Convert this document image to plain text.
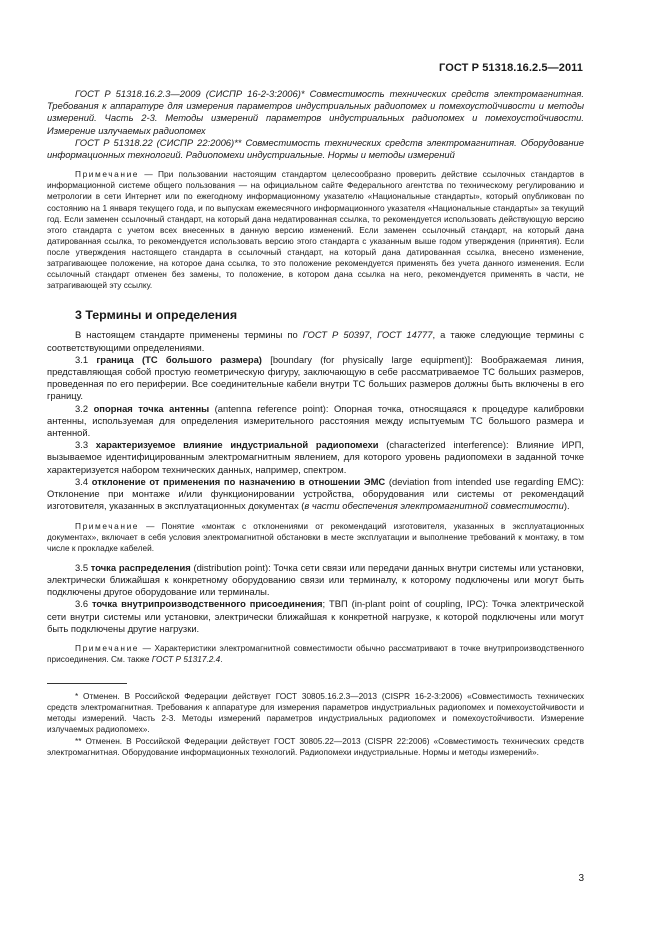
ГОСТ Р 51318.16.2.5—2011

ГОСТ Р 51318.16.2.3—2009 (СИСПР 16-2-3:2006)* Совместимость технических средств электромагнитная. Требования к аппаратуре для измерения параметров индустриальных радиопомех и помехоустойчивости и методы измерений. Часть 2-3. Методы измерений параметров индустриальных радиопомех и помехоустойчивости. Измерение излучаемых радиопомех

ГОСТ Р 51318.22 (СИСПР 22:2006)** Совместимость технических средств электромагнитная. Оборудование информационных технологий. Радиопомехи индустриальные. Нормы и методы измерений

Примечание — При пользовании настоящим стандартом целесообразно проверить действие ссылочных стандартов в информационной системе общего пользования — на официальном сайте Федерального агентства по техническому регулированию и метрологии в сети Интернет или по ежегодному информационному указателю «Национальные стандарты», который опубликован по состоянию на 1 января текущего года, и по выпускам ежемесячного информационного указателя «Национальные стандарты» за текущий год. Если заменен ссылочный стандарт, на который дана недатированная ссылка, то рекомендуется использовать действующую версию этого стандарта с учетом всех внесенных в данную версию изменений. Если заменен ссылочный стандарт, на который дана датированная ссылка, то рекомендуется использовать версию этого стандарта с указанным выше годом утверждения (принятия). Если после утверждения настоящего стандарта в ссылочный стандарт, на который дана датированная ссылка, внесено изменение, затрагивающее положение, на которое дана ссылка, то это положение рекомендуется применять без учета данного изменения. Если ссылочный стандарт отменен без замены, то положение, в котором дана ссылка на него, рекомендуется применять в части, не затрагивающей эту ссылку.

3 Термины и определения

В настоящем стандарте применены термины по ГОСТ Р 50397, ГОСТ 14777, а также следующие термины с соответствующими определениями.

3.1 граница (ТС большого размера) [boundary (for physically large equipment)]: Воображаемая линия, представляющая собой простую геометрическую фигуру, заключающую в себе рассматриваемое ТС больших размеров, проведенная по его периферии. Все соединительные кабели внутри ТС больших размеров должны быть включены в его границу.

3.2 опорная точка антенны (antenna reference point): Опорная точка, относящаяся к процедуре калибровки антенны, используемая для определения измерительного расстояния между испытуемым ТС большого размера и антенной.

3.3 характеризуемое влияние индустриальной радиопомехи (characterized interference): Влияние ИРП, вызываемое идентифицированным электромагнитным явлением, для которого уровень радиопомехи в заданной точке характеризуется набором технических данных, например, спектром.

3.4 отклонение от применения по назначению в отношении ЭМС (deviation from intended use regarding EMC): Отклонение при монтаже и/или функционировании устройства, оборудования или системы от рекомендаций изготовителя, указанных в эксплуатационных документах (в части обеспечения электромагнитной совместимости).

Примечание — Понятие «монтаж с отклонениями от рекомендаций изготовителя, указанных в эксплуатационных документах», включает в себя условия электромагнитной обстановки в месте эксплуатации и выполнение требований к монтажу, в том числе к прокладке кабелей.

3.5 точка распределения (distribution point): Точка сети связи или передачи данных внутри системы или установки, электрически ближайшая к конкретному оборудованию связи или терминалу, к которому подключены или могут быть подключены другое оборудование или терминалы.

3.6 точка внутрипроизводственного присоединения; ТВП (in-plant point of coupling, IPC): Точка электрической сети внутри системы или установки, электрически ближайшая к конкретной нагрузке, к которой подключены или могут быть подключены другие нагрузки.

Примечание — Характеристики электромагнитной совместимости обычно рассматривают в точке внутрипроизводственного присоединения. См. также ГОСТ Р 51317.2.4.

* Отменен. В Российской Федерации действует ГОСТ 30805.16.2.3—2013 (CISPR 16-2-3:2006) «Совместимость технических средств электромагнитная. Требования к аппаратуре для измерения параметров индустриальных радиопомех и помехоустойчивости и методы измерений. Часть 2-3. Методы измерений параметров индустриальных радиопомех и помехоустойчивости. Измерение излучаемых радиопомех».

** Отменен. В Российской Федерации действует ГОСТ 30805.22—2013 (CISPR 22:2006) «Совместимость технических средств электромагнитная. Оборудование информационных технологий. Радиопомехи индустриальные. Нормы и методы измерений».

3
